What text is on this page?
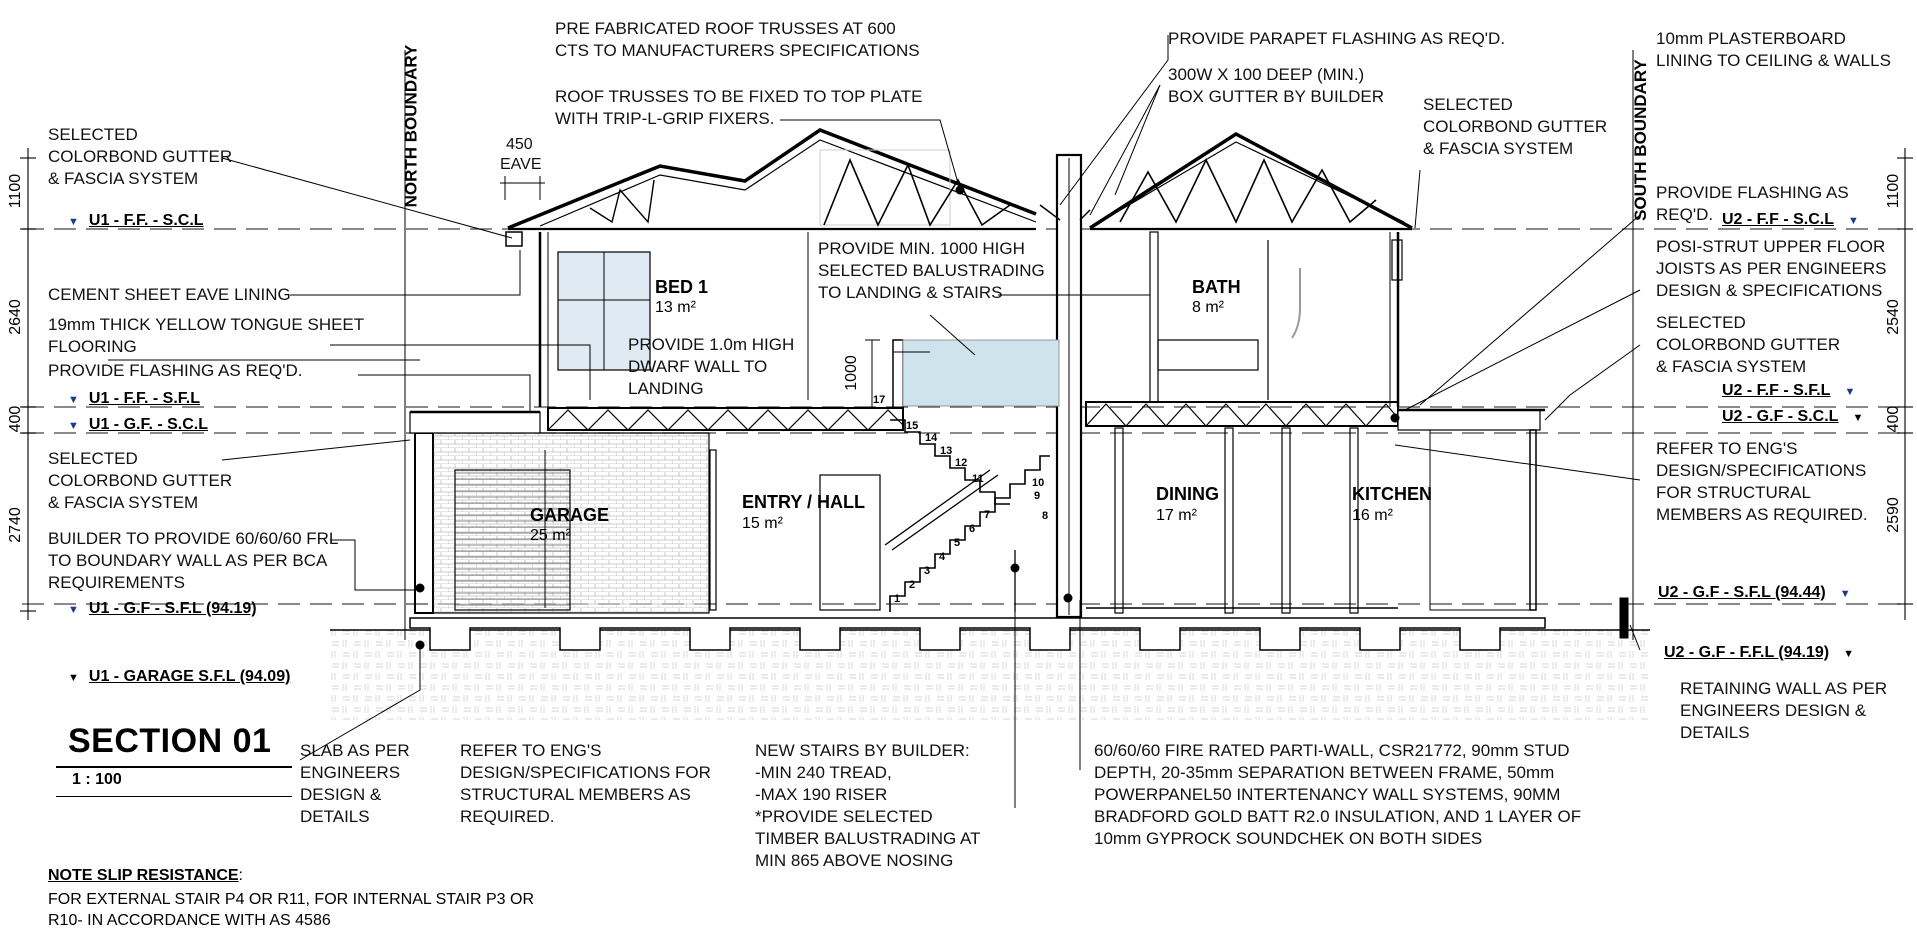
NORTH BOUNDARY	SOUTH BOUNDARY
450
EAVE
1100
2640
400
2740
1100
2540
400
2590
1000
▼ U1 - F.F. - S.C.L
▼ U1 - F.F. - S.F.L
▼ U1 - G.F. - S.C.L
▼ U1 - G.F - S.F.L (94.19)
▼ U1 - GARAGE S.F.L (94.09)
U2 - F.F - S.C.L ▼
U2 - F.F - S.F.L ▼
U2 - G.F - S.C.L ▼
U2 - G.F - S.F.L (94.44) ▼
U2 - G.F - F.F.L (94.19) ▼
BED 1
13 m²
GARAGE
25 m²
ENTRY / HALL
15 m²
BATH
8 m²
DINING
17 m²
KITCHEN
16 m²
1
2
3
4
5
6
7	8
9
10
11
12
13
14
15
17
PRE FABRICATED ROOF TRUSSES AT 600
CTS TO MANUFACTURERS SPECIFICATIONS
ROOF TRUSSES TO BE FIXED TO TOP PLATE
WITH TRIP-L-GRIP FIXERS.
PROVIDE PARAPET FLASHING AS REQ'D.
300W X 100 DEEP (MIN.)
BOX GUTTER BY BUILDER
10mm PLASTERBOARD
LINING TO CEILING & WALLS
SELECTED
COLORBOND GUTTER
& FASCIA SYSTEM
SELECTED
COLORBOND GUTTER
& FASCIA SYSTEM
PROVIDE FLASHING AS
REQ'D.
POSI-STRUT UPPER FLOOR
JOISTS AS PER ENGINEERS
DESIGN & SPECIFICATIONS
SELECTED
COLORBOND GUTTER
& FASCIA SYSTEM
REFER TO ENG'S
DESIGN/SPECIFICATIONS
FOR STRUCTURAL
MEMBERS AS REQUIRED.
CEMENT SHEET EAVE LINING
19mm THICK YELLOW TONGUE SHEET
FLOORING
PROVIDE FLASHING AS REQ'D.
SELECTED
COLORBOND GUTTER
& FASCIA SYSTEM
BUILDER TO PROVIDE 60/60/60 FRL
TO BOUNDARY WALL AS PER BCA
REQUIREMENTS
PROVIDE MIN. 1000 HIGH
SELECTED BALUSTRADING
TO LANDING & STAIRS
PROVIDE 1.0m HIGH
DWARF WALL TO
LANDING
RETAINING WALL AS PER
ENGINEERS DESIGN &
DETAILS
SLAB AS PER
ENGINEERS
DESIGN &
DETAILS
REFER TO ENG'S
DESIGN/SPECIFICATIONS FOR
STRUCTURAL MEMBERS AS
REQUIRED.
NEW STAIRS BY BUILDER:
-MIN 240 TREAD,
-MAX 190 RISER
*PROVIDE SELECTED
TIMBER BALUSTRADING AT
MIN 865 ABOVE NOSING
60/60/60 FIRE RATED PARTI-WALL, CSR21772, 90mm STUD
DEPTH, 20-35mm SEPARATION BETWEEN FRAME, 50mm
POWERPANEL50 INTERTENANCY WALL SYSTEMS, 90MM
BRADFORD GOLD BATT R2.0 INSULATION, AND 1 LAYER OF
10mm GYPROCK SOUNDCHEK ON BOTH SIDES
SECTION 01
1 : 100
NOTE SLIP RESISTANCE:
FOR EXTERNAL STAIR P4 OR R11, FOR INTERNAL STAIR P3 OR
R10- IN ACCORDANCE WITH AS 4586
